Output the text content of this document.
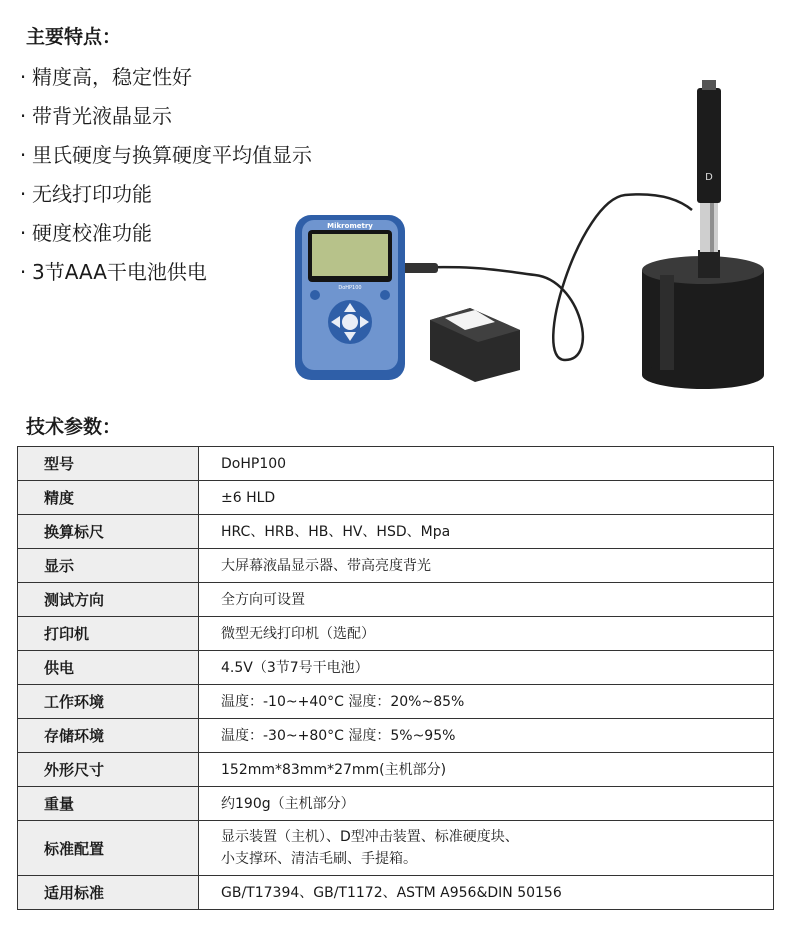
主要特点：
· 精度高，稳定性好
· 带背光液晶显示
· 里氏硬度与换算硬度平均值显示
· 无线打印功能
· 硬度校准功能
· 3节AAA干电池供电
D
Mikrometry
DoHP100
技术参数：
型号	DoHP100

精度	±6 HLD

换算标尺	HRC、HRB、HB、HV、HSD、Mpa

显示	大屏幕液晶显示器、带高亮度背光

测试方向	全方向可设置

打印机	微型无线打印机（选配）

供电	4.5V（3节7号干电池）

工作环境	温度：-10~+40°C 湿度：20%~85%

存储环境	温度：-30~+80°C 湿度：5%~95%

外形尺寸	152mm*83mm*27mm(主机部分)

重量	约190g（主机部分）

标准配置	显示装置（主机）、D型冲击装置、标准硬度块、
小支撑环、清洁毛刷、手提箱。

适用标准	GB/T17394、GB/T1172、ASTM A956&DIN 50156
